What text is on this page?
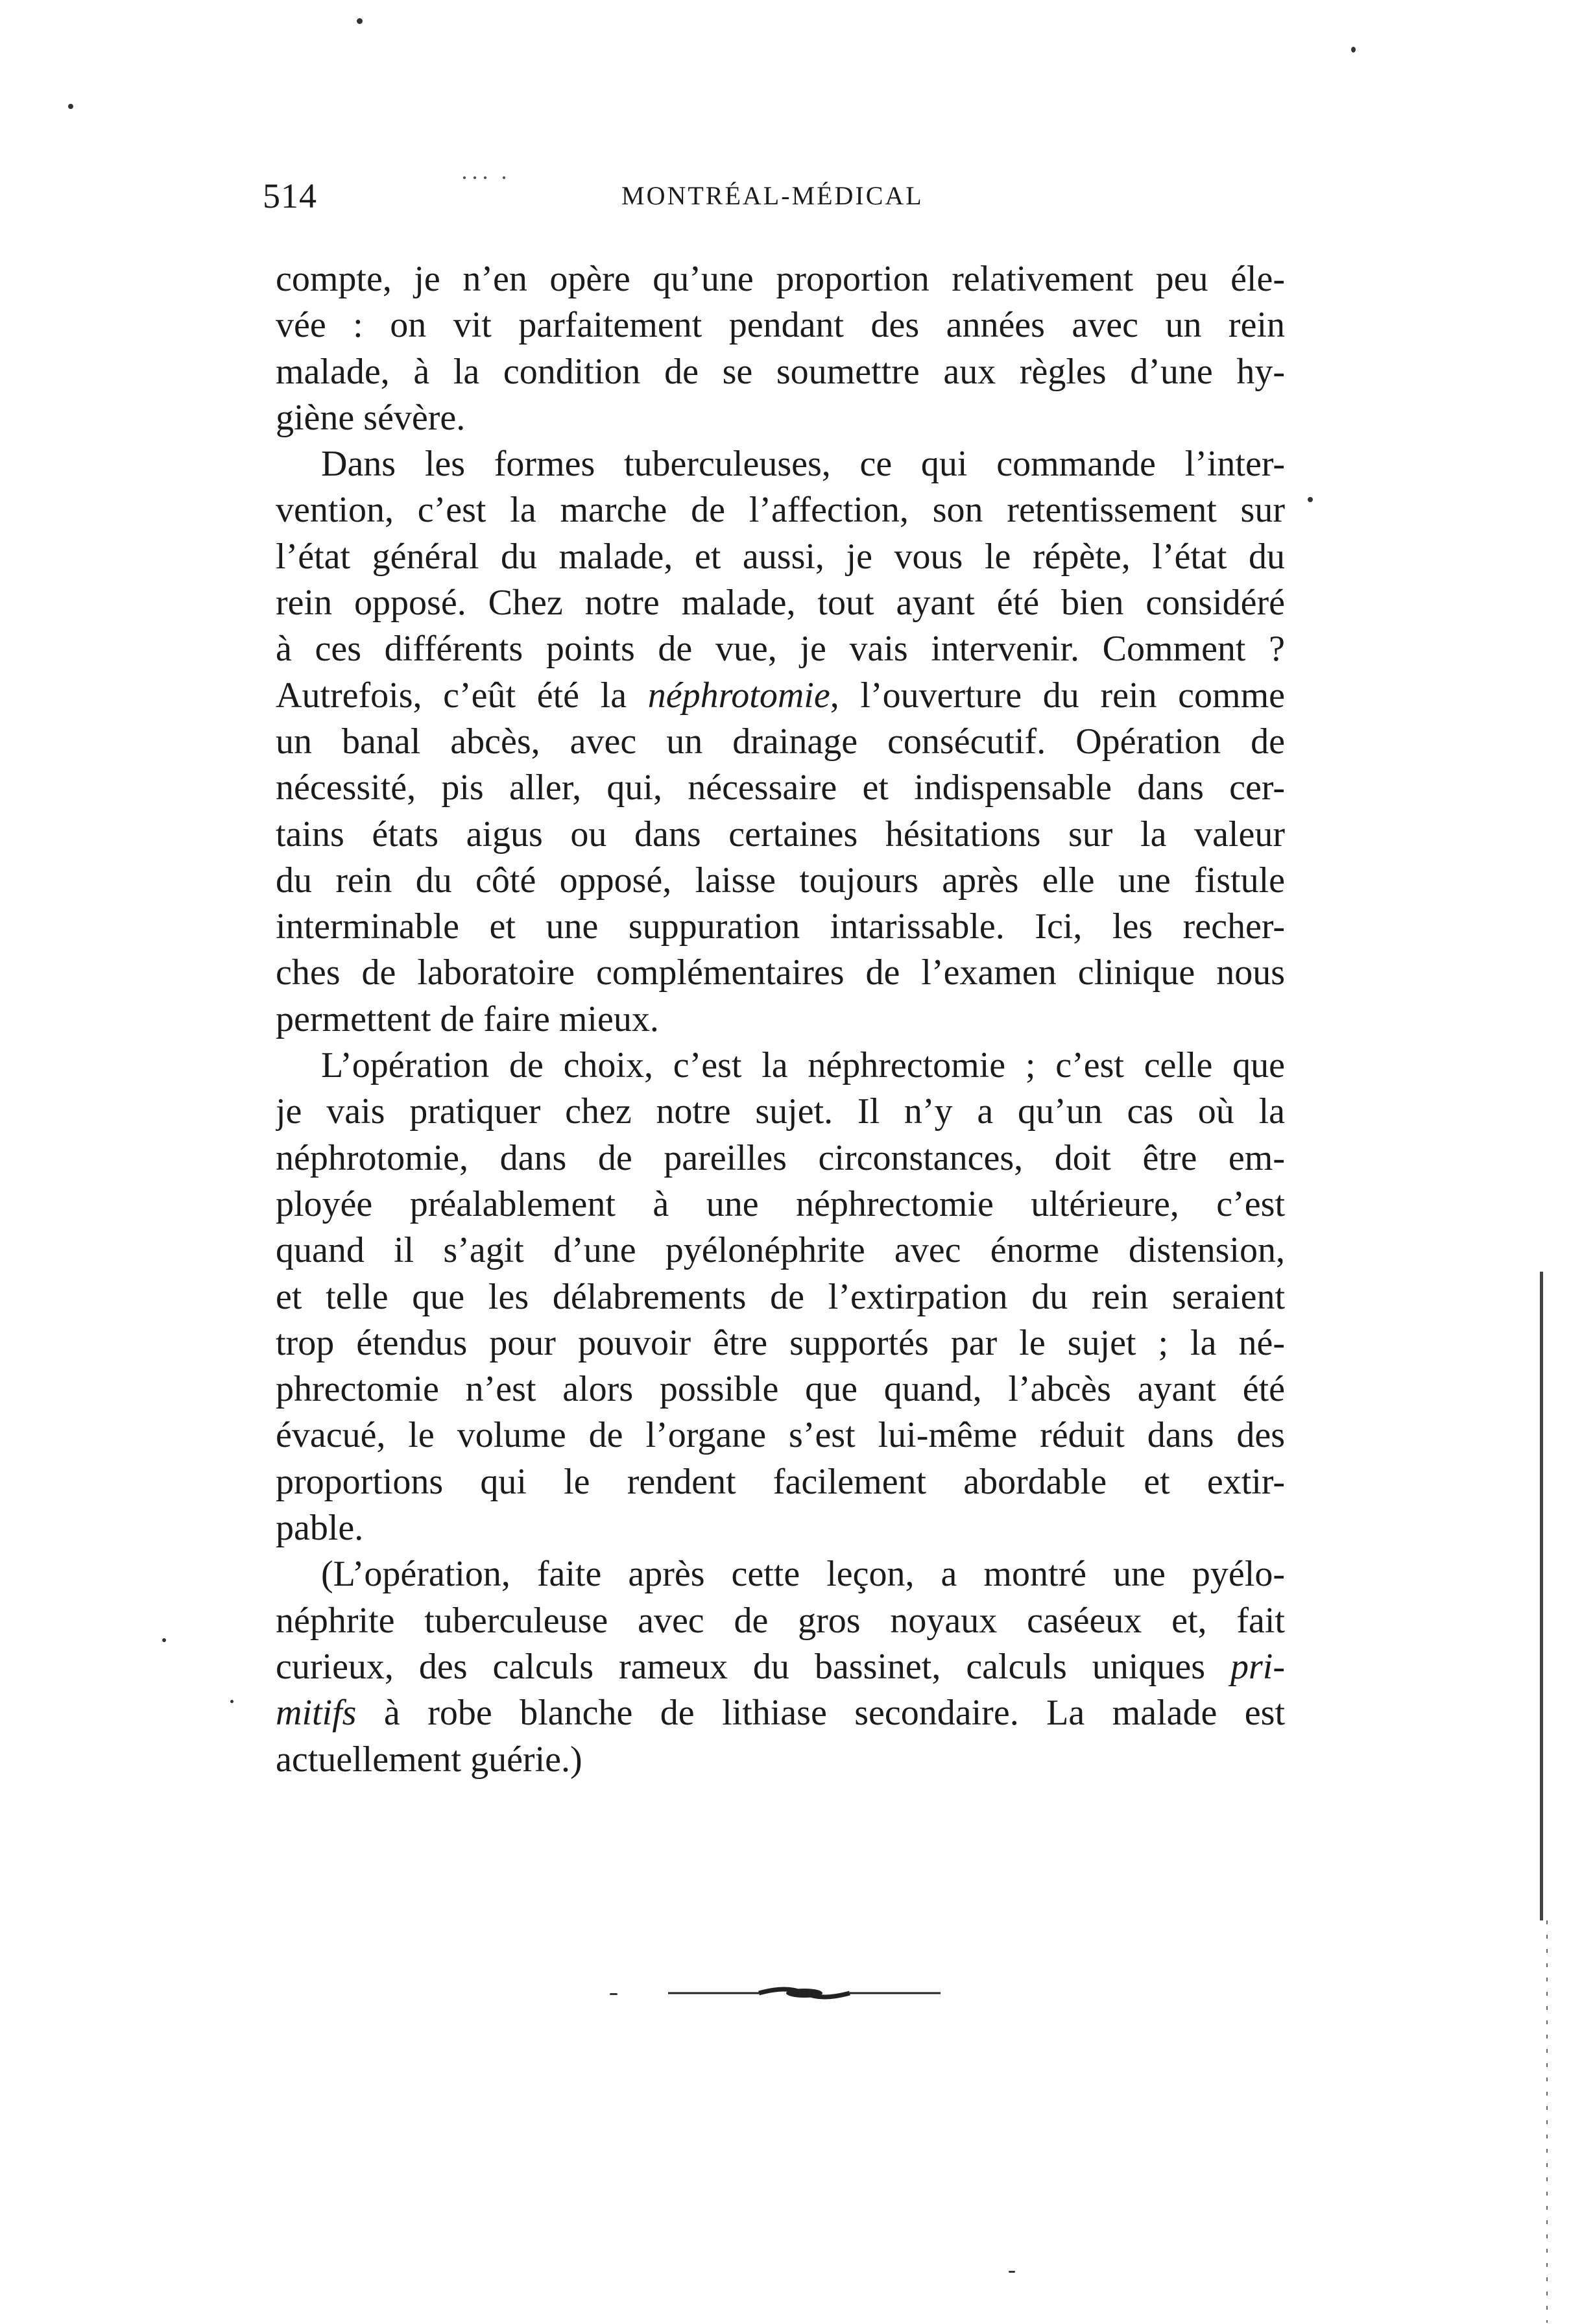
514	··· ·
MONTRÉAL-MÉDICAL
compte, je n’en opère qu’une proportion relativement peu éle-
vée : on vit parfaitement pendant des années avec un rein
malade, à la condition de se soumettre aux règles d’une hy-
giène sévère.
Dans les formes tuberculeuses, ce qui commande l’inter-
vention, c’est la marche de l’affection, son retentissement sur
l’état général du malade, et aussi, je vous le répète, l’état du
rein opposé. Chez notre malade, tout ayant été bien considéré
à ces différents points de vue, je vais intervenir. Comment ?
Autrefois, c’eût été la néphrotomie, l’ouverture du rein comme
un banal abcès, avec un drainage consécutif. Opération de
nécessité, pis aller, qui, nécessaire et indispensable dans cer-
tains états aigus ou dans certaines hésitations sur la valeur
du rein du côté opposé, laisse toujours après elle une fistule
interminable et une suppuration intarissable. Ici, les recher-
ches de laboratoire complémentaires de l’examen clinique nous
permettent de faire mieux.
L’opération de choix, c’est la néphrectomie ; c’est celle que
je vais pratiquer chez notre sujet. Il n’y a qu’un cas où la
néphrotomie, dans de pareilles circonstances, doit être em-
ployée préalablement à une néphrectomie ultérieure, c’est
quand il s’agit d’une pyélonéphrite avec énorme distension,
et telle que les délabrements de l’extirpation du rein seraient
trop étendus pour pouvoir être supportés par le sujet ; la né-
phrectomie n’est alors possible que quand, l’abcès ayant été
évacué, le volume de l’organe s’est lui-même réduit dans des
proportions qui le rendent facilement abordable et extir-
pable.
(L’opération, faite après cette leçon, a montré une pyélo-
néphrite tuberculeuse avec de gros noyaux caséeux et, fait
curieux, des calculs rameux du bassinet, calculs uniques pri-
mitifs à robe blanche de lithiase secondaire. La malade est
actuellement guérie.)
